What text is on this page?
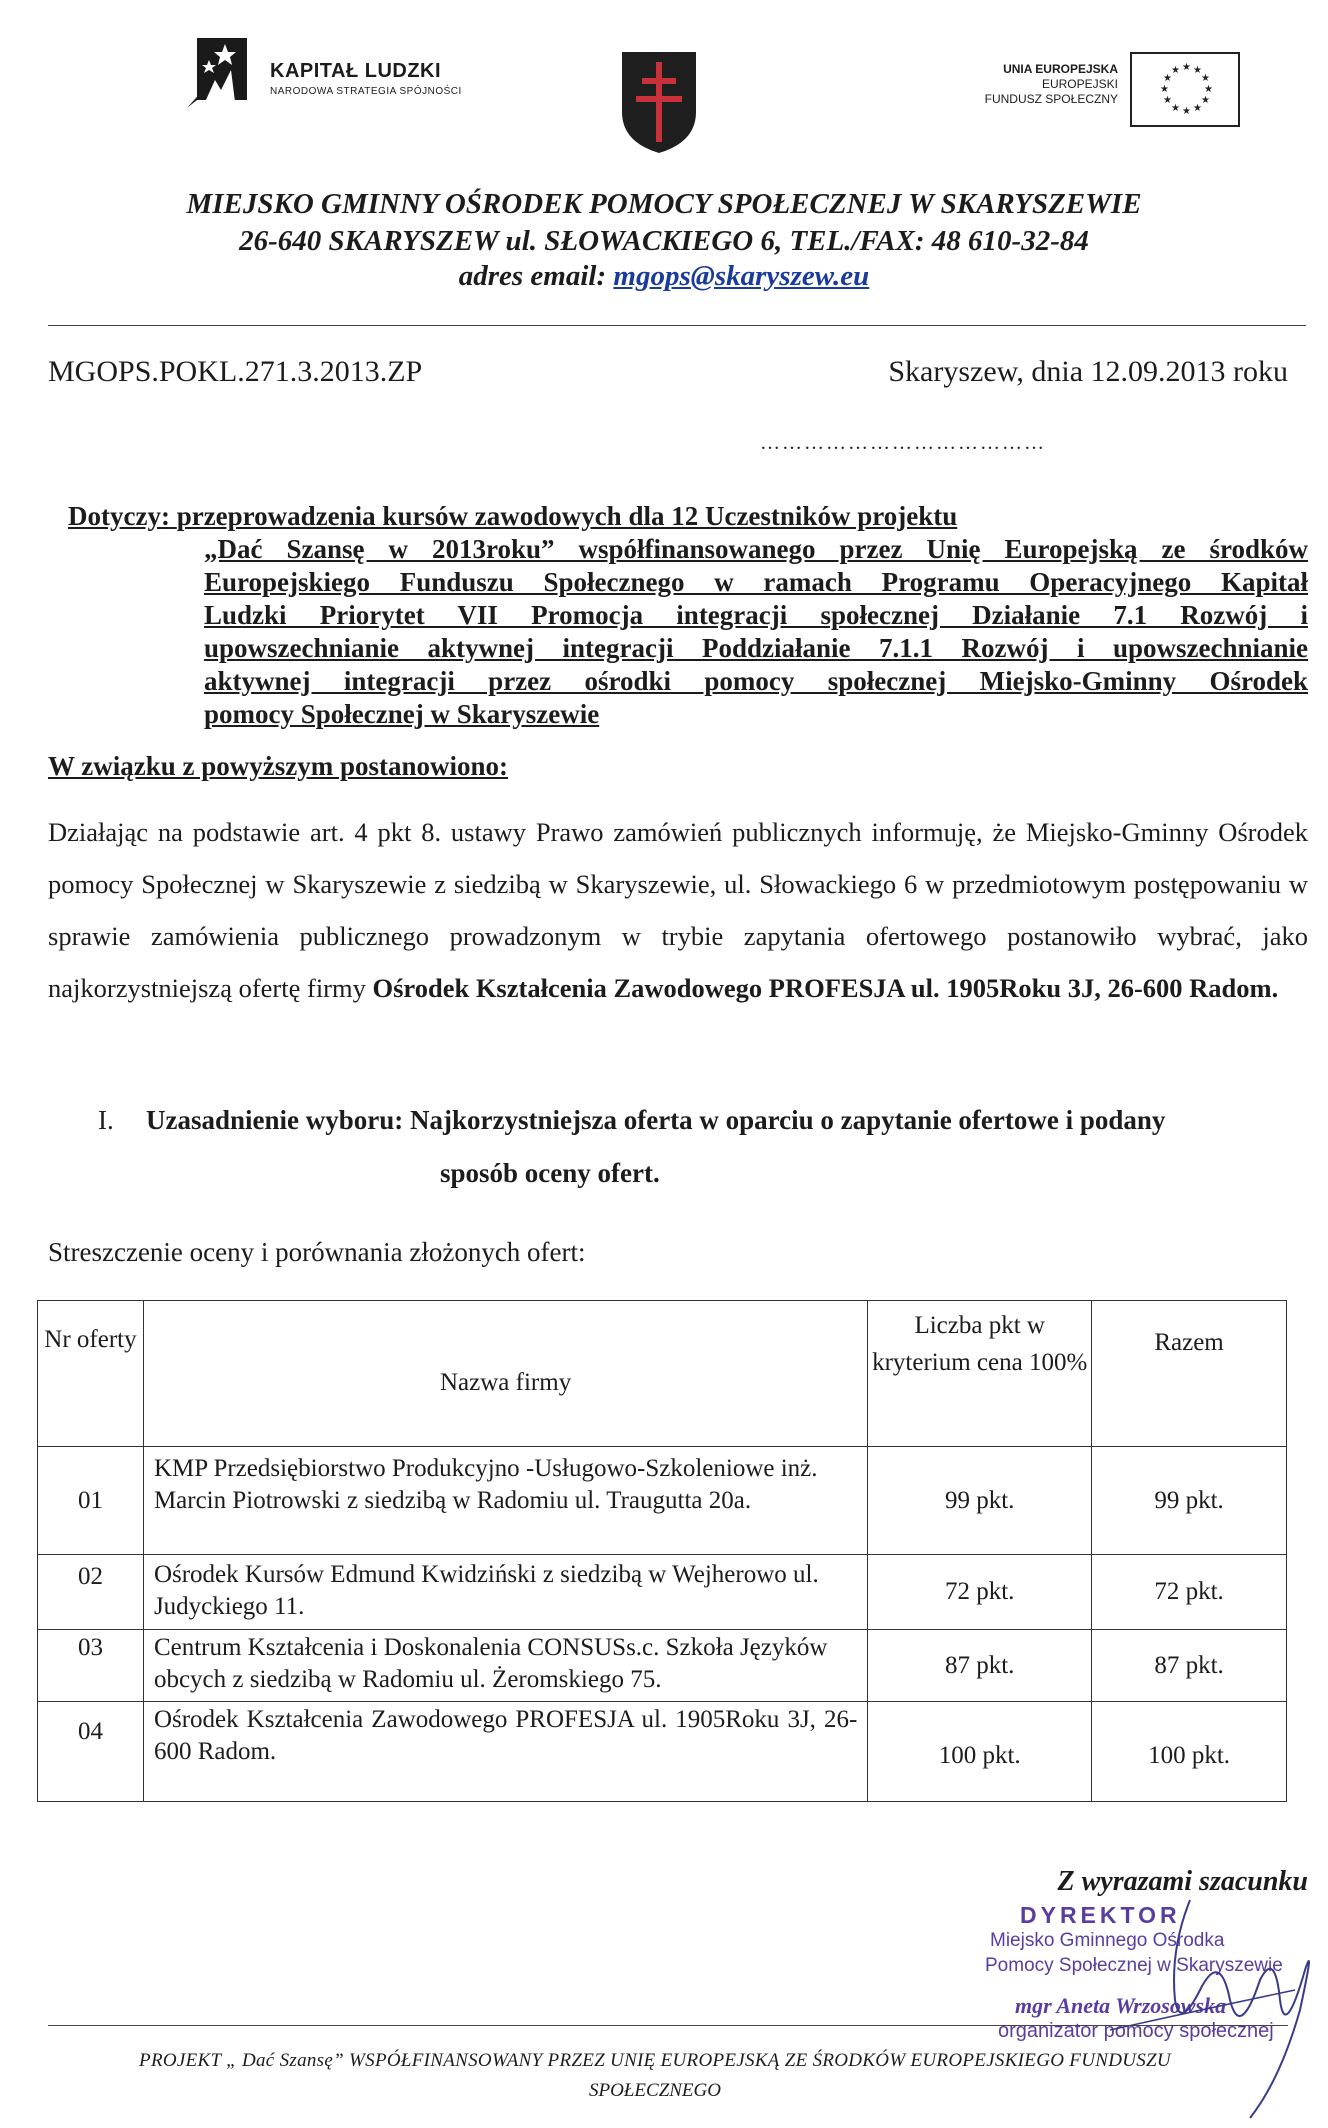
KAPITAŁ LUDZKI
NARODOWA STRATEGIA SPÓJNOŚCI
UNIA EUROPEJSKA
EUROPEJSKI
FUNDUSZ SPOŁECZNY
★ ★
★
★
★
★
★
★
★
★
★
★
MIEJSKO GMINNY OŚRODEK POMOCY SPOŁECZNEJ W SKARYSZEWIE
26-640 SKARYSZEW ul. SŁOWACKIEGO 6, TEL./FAX: 48 610-32-84
adres email: mgops@skaryszew.eu
MGOPS.POKL.271.3.2013.ZP	Skaryszew, dnia 12.09.2013 roku
…………………………………
Dotyczy: przeprowadzenia kursów zawodowych dla 12 Uczestników projektu
„Dać Szansę w 2013roku” współfinansowanego przez Unię Europejską ze środków
Europejskiego Funduszu Społecznego w ramach Programu Operacyjnego Kapitał
Ludzki Priorytet VII Promocja integracji społecznej Działanie 7.1 Rozwój i
upowszechnianie aktywnej integracji Poddziałanie 7.1.1 Rozwój i upowszechnianie
aktywnej integracji przez ośrodki pomocy społecznej Miejsko-Gminny Ośrodek
pomocy Społecznej w Skaryszewie
W związku z powyższym postanowiono:
Działając na podstawie art. 4 pkt 8. ustawy Prawo zamówień publicznych informuję, że Miejsko-Gminny Ośrodek pomocy Społecznej w Skaryszewie z siedzibą w Skaryszewie, ul. Słowackiego 6 w przedmiotowym postępowaniu w sprawie zamówienia publicznego prowadzonym w trybie zapytania ofertowego postanowiło wybrać, jako najkorzystniejszą ofertę firmy Ośrodek Kształcenia Zawodowego PROFESJA ul. 1905Roku 3J, 26-600 Radom.
I. Uzasadnienie wyboru: Najkorzystniejsza oferta w oparciu o zapytanie ofertowe i podany
sposób oceny ofert.
Streszczenie oceny i porównania złożonych ofert:
Nr oferty	Nazwa firmy	Liczba pkt w kryterium cena 100%	Razem
01	KMP Przedsiębiorstwo Produkcyjno -Usługowo-Szkoleniowe inż. Marcin Piotrowski z siedzibą w Radomiu ul. Traugutta 20a.	99 pkt.	99 pkt.
02	Ośrodek Kursów Edmund Kwidziński z siedzibą w Wejherowo ul. Judyckiego 11.	72 pkt.	72 pkt.
03	Centrum Kształcenia i Doskonalenia CONSUSs.c. Szkoła Języków obcych z siedzibą w Radomiu ul. Żeromskiego 75.	87 pkt.	87 pkt.
04	Ośrodek Kształcenia Zawodowego PROFESJA ul. 1905Roku 3J, 26-600 Radom.	100 pkt.	100 pkt.
Z wyrazami szacunku
DYREKTOR
Miejsko Gminnego Ośrodka
Pomocy Społecznej w Skaryszewie
mgr Aneta Wrzosowska
organizator pomocy społecznej
PROJEKT „ Dać Szansę” WSPÓŁFINANSOWANY PRZEZ UNIĘ EUROPEJSKĄ ZE ŚRODKÓW EUROPEJSKIEGO FUNDUSZU
SPOŁECZNEGO
